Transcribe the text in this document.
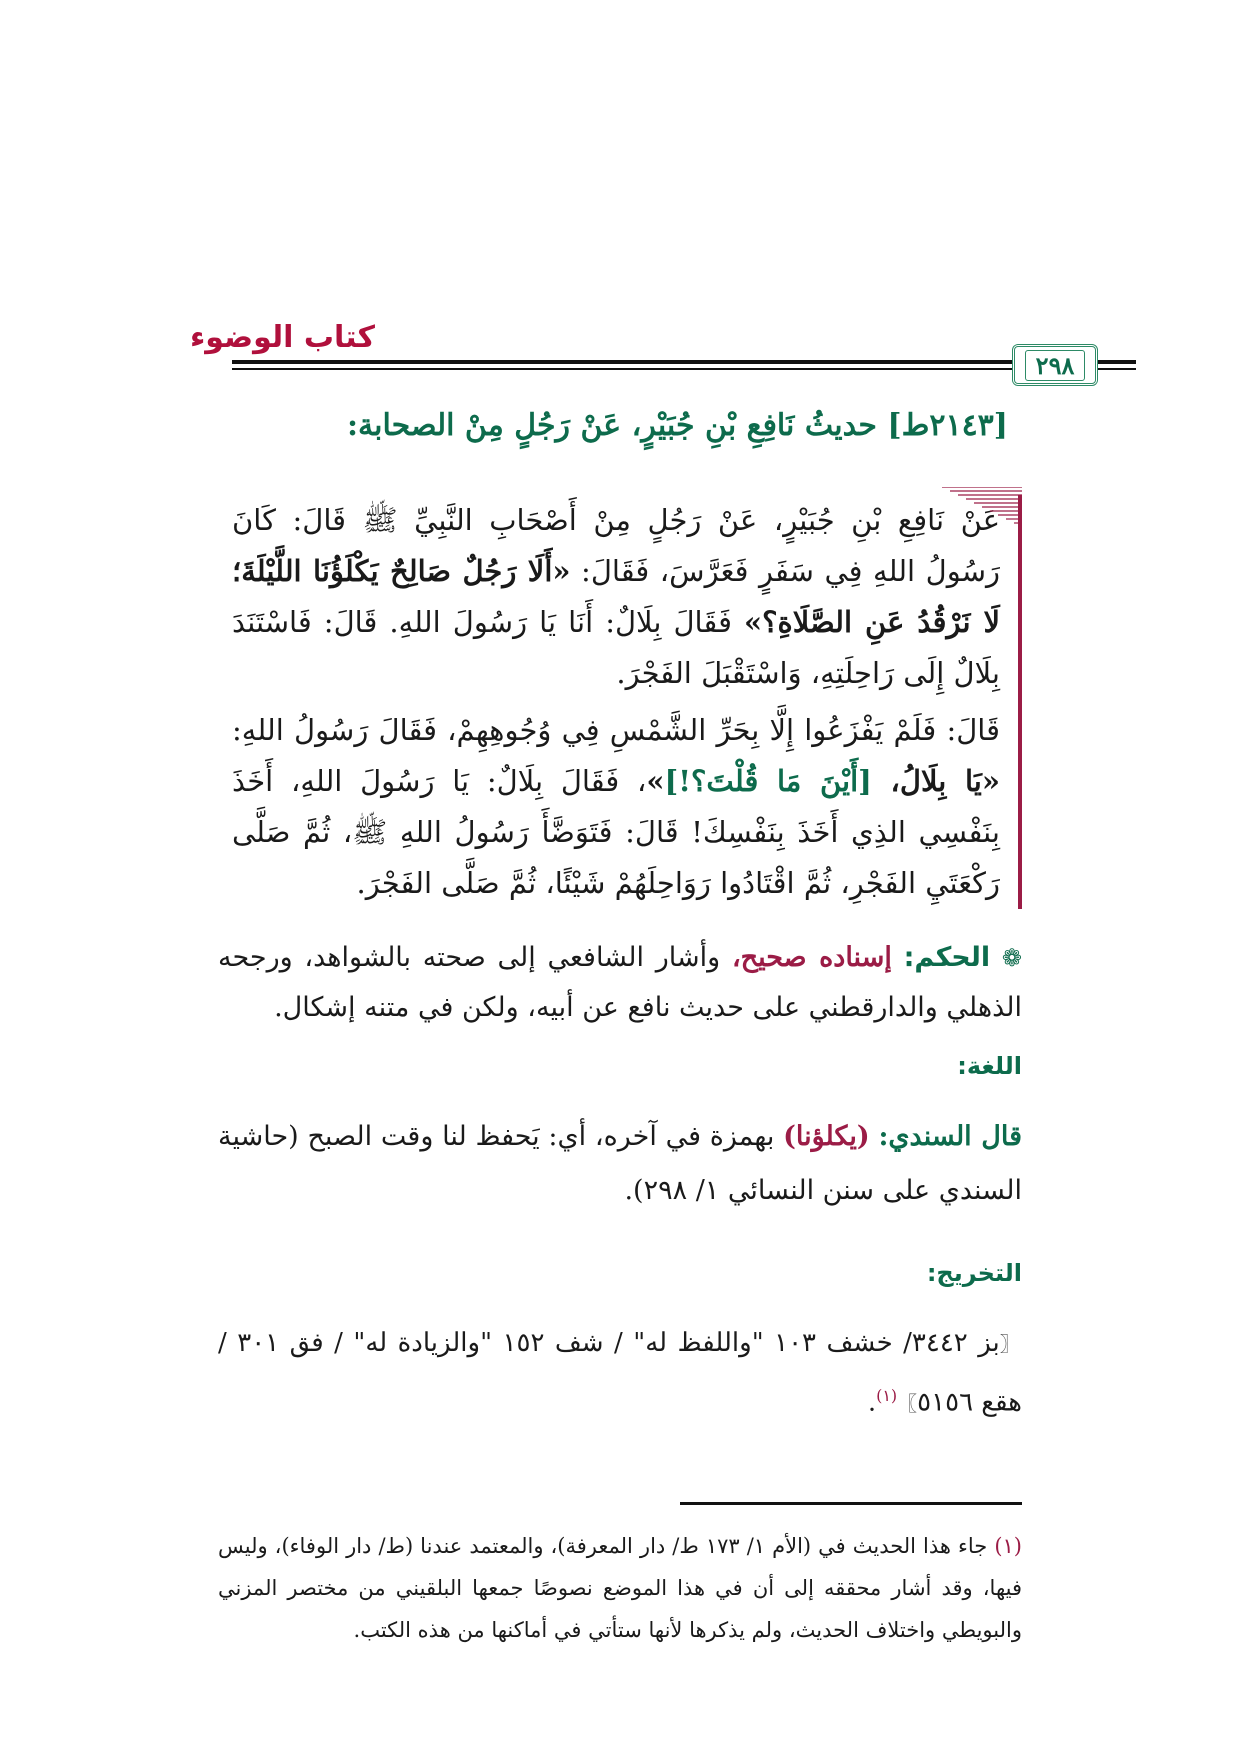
كتاب الوضوء
٢٩٨
[٢١٤٣ط] حديثُ نَافِعِ بْنِ جُبَيْرٍ، عَنْ رَجُلٍ مِنْ الصحابة:

عَنْ نَافِعِ بْنِ جُبَيْرٍ، عَنْ رَجُلٍ مِنْ أَصْحَابِ النَّبِيِّ ﷺ قَالَ: كَانَ رَسُولُ اللهِ فِي سَفَرٍ فَعَرَّسَ، فَقَالَ: «أَلَا رَجُلٌ صَالِحٌ يَكْلَؤُنَا اللَّيْلَةَ؛ لَا نَرْقُدُ عَنِ الصَّلَاةِ؟» فَقَالَ بِلَالٌ: أَنَا يَا رَسُولَ اللهِ. قَالَ: فَاسْتَنَدَ بِلَالٌ إِلَى رَاحِلَتِهِ، وَاسْتَقْبَلَ الفَجْرَ.

قَالَ: فَلَمْ يَفْزَعُوا إِلَّا بِحَرِّ الشَّمْسِ فِي وُجُوهِهِمْ، فَقَالَ رَسُولُ اللهِ: «يَا بِلَالُ، [أَيْنَ مَا قُلْتَ؟!]»، فَقَالَ بِلَالٌ: يَا رَسُولَ اللهِ، أَخَذَ بِنَفْسِي الذِي أَخَذَ بِنَفْسِكَ! قَالَ: فَتَوَضَّأَ رَسُولُ اللهِ ﷺ، ثُمَّ صَلَّى رَكْعَتَيِ الفَجْرِ، ثُمَّ اقْتَادُوا رَوَاحِلَهُمْ شَيْئًا، ثُمَّ صَلَّى الفَجْرَ.

❁ الحكم: إسناده صحيح، وأشار الشافعي إلى صحته بالشواهد، ورجحه الذهلي والدارقطني على حديث نافع عن أبيه، ولكن في متنه إشكال.
اللغة:
قال السندي: (يكلؤنا) بهمزة في آخره، أي: يَحفظ لنا وقت الصبح (حاشية السندي على سنن النسائي ١/ ٢٩٨).
التخريج:
〖بز ٣٤٤٢/ خشف ١٠٣ "واللفظ له" / شف ١٥٢ "والزيادة له" / فق ٣٠١ / هقع ٥١٥٦〗$^{(١)}$.
(١) جاء هذا الحديث في (الأم ١/ ١٧٣ ط/ دار المعرفة)، والمعتمد عندنا (ط/ دار الوفاء)، وليس فيها، وقد أشار محققه إلى أن في هذا الموضع نصوصًا جمعها البلقيني من مختصر المزني والبويطي واختلاف الحديث، ولم يذكرها لأنها ستأتي في أماكنها من هذه الكتب.
